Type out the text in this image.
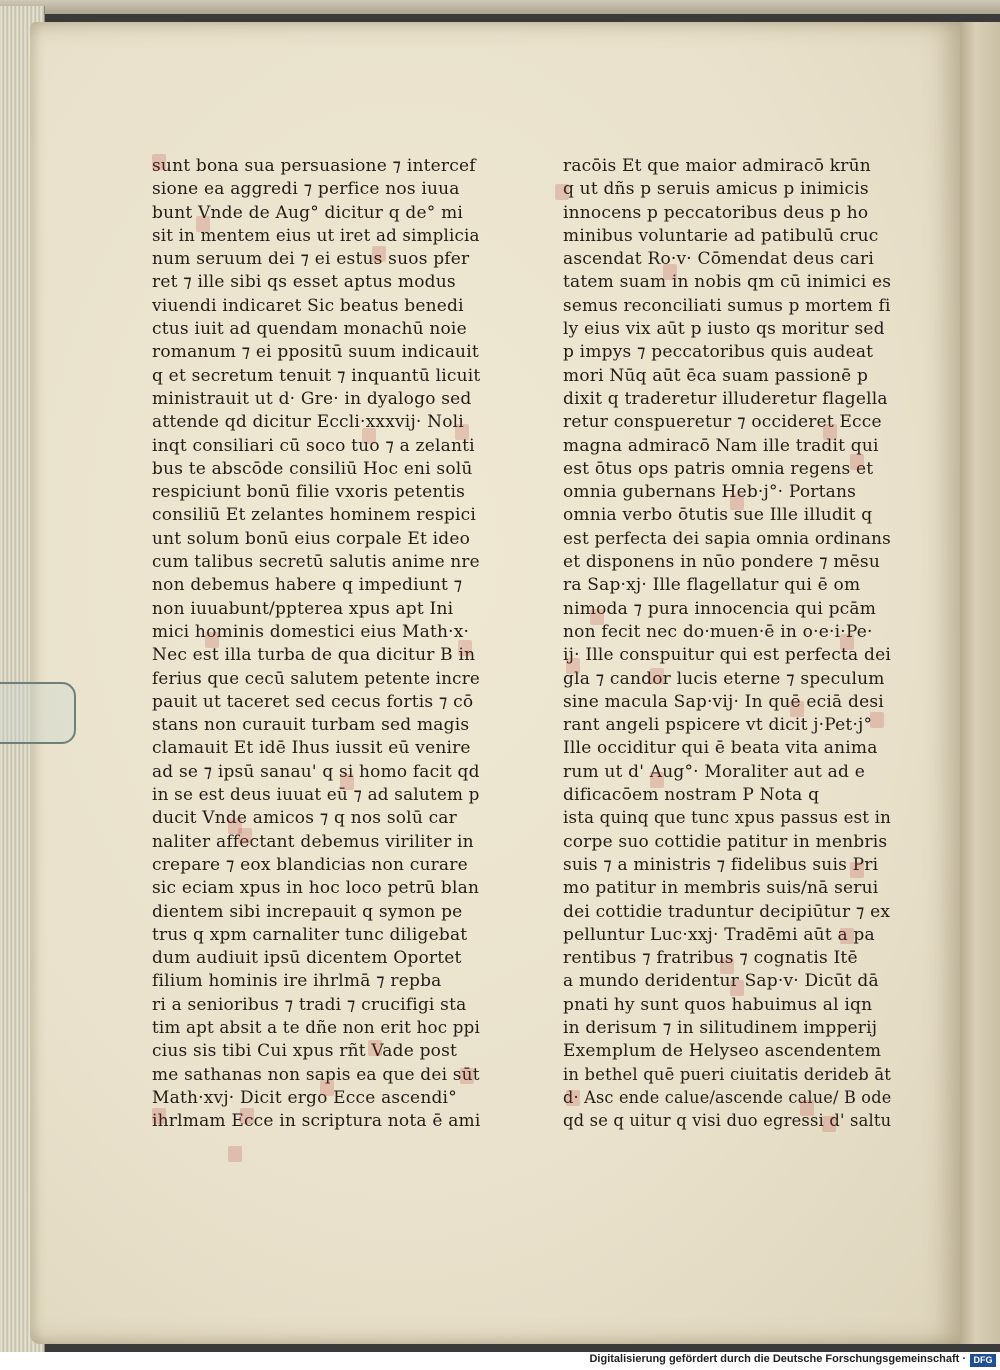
sunt bona sua persuasione ⁊ intercef
sione ea aggredi ⁊ perfice nos iuua
bunt Vnde de Aug° dicitur q de° mi
sit in mentem eius ut iret ad simplicia
num seruum dei ⁊ ei estus suos pfer
ret ⁊ ille sibi qs esset aptus modus
viuendi indicaret Sic beatus benedi
ctus iuit ad quendam monachū noie
romanum ⁊ ei ppositū suum indicauit
q et secretum tenuit ⁊ inquantū licuit
ministrauit ut d· Gre· in dyalogo sed
attende qd dicitur Eccli·xxxvij· Noli
inqt consiliari cū soco tuo ⁊ a zelanti
bus te abscōde consiliū Hoc eni solū
respiciunt bonū filie vxoris petentis
consiliū Et zelantes hominem respici
unt solum bonū eius corpale Et ideo
cum talibus secretū salutis anime nre
non debemus habere q impediunt ⁊
non iuuabunt/ppterea xpus apt Ini
mici hominis domestici eius Math·x·
Nec est illa turba de qua dicitur B in
ferius que cecū salutem petente incre
pauit ut taceret sed cecus fortis ⁊ cō
stans non curauit turbam sed magis
clamauit Et idē Ihus iussit eū venire
ad se ⁊ ipsū sanau' q si homo facit qd
in se est deus iuuat eū ⁊ ad salutem p
ducit Vnde amicos ⁊ q nos solū car
naliter affectant debemus viriliter in
crepare ⁊ eox blandicias non curare
sic eciam xpus in hoc loco petrū blan
dientem sibi increpauit q symon pe
trus q xpm carnaliter tunc diligebat
dum audiuit ipsū dicentem Oportet
filium hominis ire ihrlmā ⁊ repba
ri a senioribus ⁊ tradi ⁊ crucifigi sta
tim apt absit a te dñe non erit hoc ppi
cius sis tibi Cui xpus rñt Vade post
me sathanas non sapis ea que dei sūt
Math·xvj· Dicit ergo Ecce ascendi°
ihrlmam Ecce in scriptura nota ē ami
racōis Et que maior admiracō krūn
q ut dñs p seruis amicus p inimicis
innocens p peccatoribus deus p ho
minibus voluntarie ad patibulū cruc
ascendat Ro·v· Cōmendat deus cari
tatem suam in nobis qm cū inimici es
semus reconciliati sumus p mortem fi
ly eius vix aūt p iusto qs moritur sed
p impys ⁊ peccatoribus quis audeat
mori Nūq aūt ēca suam passionē p
dixit q traderetur illuderetur flagella
retur conspueretur ⁊ occideret Ecce
magna admiracō Nam ille tradit qui
est ōtus ops patris omnia regens et
omnia gubernans Heb·j°· Portans
omnia verbo ōtutis sue Ille illudit q
est perfecta dei sapia omnia ordinans
et disponens in nūo pondere ⁊ mēsu
ra Sap·xj· Ille flagellatur qui ē om
nimoda ⁊ pura innocencia qui pcām
non fecit nec do·muen·ē in o·e·i·Pe·
ij· Ille conspuitur qui est perfecta dei
gla ⁊ candor lucis eterne ⁊ speculum
sine macula Sap·vij· In quē eciā desi
rant angeli pspicere vt dicit j·Pet·j°
Ille occiditur qui ē beata vita anima
rum ut d' Aug°· Moraliter aut ad e
dificacōem nostram P Nota q
ista quinq que tunc xpus passus est in
corpe suo cottidie patitur in menbris
suis ⁊ a ministris ⁊ fidelibus suis Pri
mo patitur in membris suis/nā serui
dei cottidie traduntur decipiūtur ⁊ ex
pelluntur Luc·xxj· Tradēmi aūt a pa
rentibus ⁊ fratribus ⁊ cognatis Itē
a mundo deridentur Sap·v· Dicūt dā
pnati hy sunt quos habuimus al iqn
in derisum ⁊ in silitudinem impperij
Exemplum de Helyseo ascendentem
in bethel quē pueri ciuitatis derideb āt
d· Asc ende calue/ascende calue/ B ode
qd se q uitur q visi duo egressi d' saltu
Digitalisierung gefördert durch die Deutsche Forschungsgemeinschaft · DFG
